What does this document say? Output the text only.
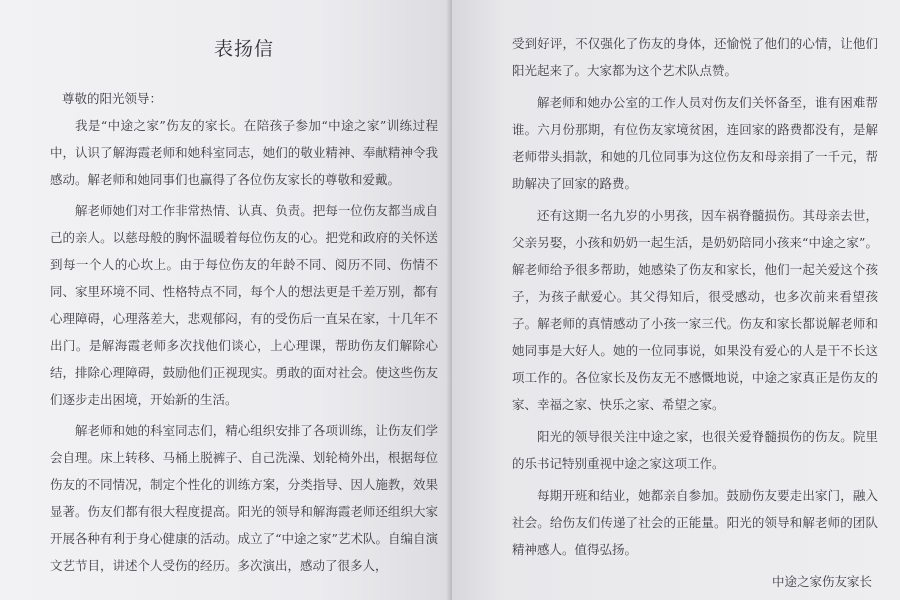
表扬信
尊敬的阳光领导：

我是“中途之家”伤友的家长。在陪孩子参加“中途之家”训练过程中，认识了解海霞老师和她科室同志，她们的敬业精神、奉献精神令我感动。解老师和她同事们也赢得了各位伤友家长的尊敬和爱戴。

解老师她们对工作非常热情、认真、负责。把每一位伤友都当成自己的亲人。以慈母般的胸怀温暖着每位伤友的心。把党和政府的关怀送到每一个人的心坎上。由于每位伤友的年龄不同、阅历不同、伤情不同、家里环境不同、性格特点不同，每个人的想法更是千差万别，都有心理障碍，心理落差大，悲观郁闷，有的受伤后一直呆在家，十几年不出门。是解海霞老师多次找他们谈心，上心理课，帮助伤友们解除心结，排除心理障碍，鼓励他们正视现实。勇敢的面对社会。使这些伤友们逐步走出困境，开始新的生活。

解老师和她的科室同志们，精心组织安排了各项训练，让伤友们学会自理。床上转移、马桶上脱裤子、自己洗澡、划轮椅外出，根据每位伤友的不同情况，制定个性化的训练方案，分类指导、因人施教，效果显著。伤友们都有很大程度提高。阳光的领导和解海霞老师还组织大家开展各种有利于身心健康的活动。成立了“中途之家”艺术队。自编自演文艺节目，讲述个人受伤的经历。多次演出，感动了很多人，

受到好评，不仅强化了伤友的身体，还愉悦了他们的心情，让他们阳光起来了。大家都为这个艺术队点赞。

解老师和她办公室的工作人员对伤友们关怀备至，谁有困难帮谁。六月份那期，有位伤友家境贫困，连回家的路费都没有，是解老师带头捐款，和她的几位同事为这位伤友和母亲捐了一千元，帮助解决了回家的路费。

还有这期一名九岁的小男孩，因车祸脊髓损伤。其母亲去世，父亲另娶，小孩和奶奶一起生活，是奶奶陪同小孩来“中途之家”。解老师给予很多帮助，她感染了伤友和家长，他们一起关爱这个孩子，为孩子献爱心。其父得知后，很受感动，也多次前来看望孩子。解老师的真情感动了小孩一家三代。伤友和家长都说解老师和她同事是大好人。她的一位同事说，如果没有爱心的人是干不长这项工作的。各位家长及伤友无不感慨地说，中途之家真正是伤友的家、幸福之家、快乐之家、希望之家。

阳光的领导很关注中途之家，也很关爱脊髓损伤的伤友。院里的乐书记特别重视中途之家这项工作。

每期开班和结业，她都亲自参加。鼓励伤友要走出家门，融入社会。给伤友们传递了社会的正能量。阳光的领导和解老师的团队精神感人。值得弘扬。

中途之家伤友家长
